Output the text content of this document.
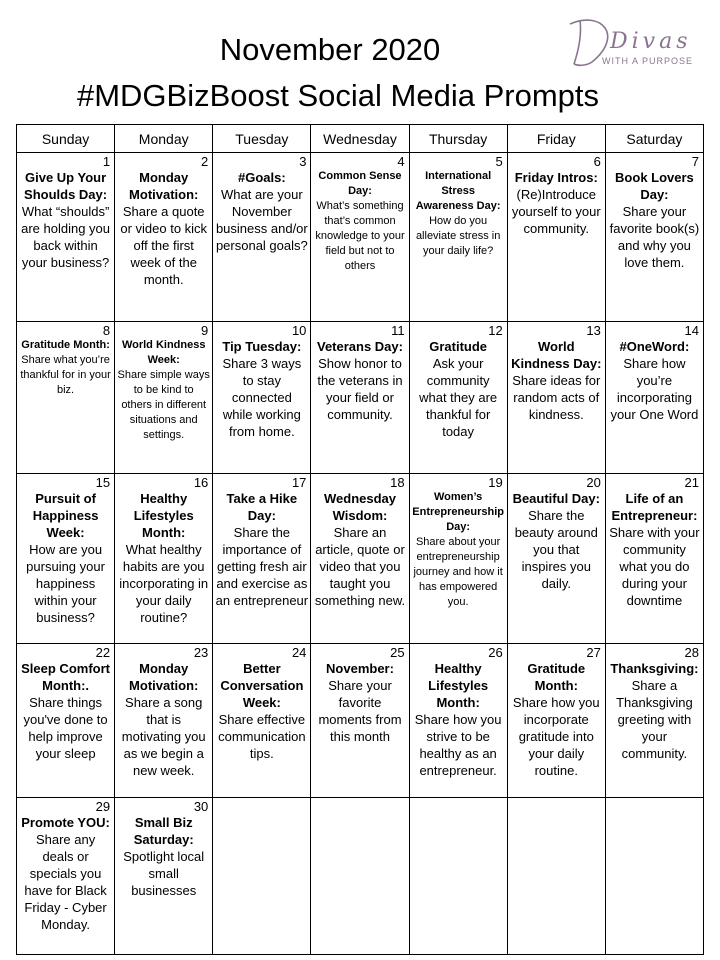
November 2020
#MDGBizBoost Social Media Prompts
Divas
WITH A PURPOSE
Sunday	Monday	Tuesday	Wednesday	Thursday	Friday	Saturday

1
Give Up Your Shoulds Day:
What “shoulds” are holding you back within your business?	2
Monday Motivation:
Share a quote or video to kick off the first week of the month.	3
#Goals:
What are your November business and/or personal goals?	4
Common Sense Day:
What’s something that’s common knowledge to your field but not to others	5
International Stress Awareness Day:
How do you alleviate stress in your daily life?	6
Friday Intros:
(Re)Introduce yourself to your community.	7
Book Lovers Day:
Share your favorite book(s) and why you love them.

8
Gratitude Month:
Share what you’re thankful for in your biz.	9
World Kindness Week:
Share simple ways to be kind to others in different situations and settings.	10
Tip Tuesday:
Share 3 ways to stay connected while working from home.	11
Veterans Day:
Show honor to the veterans in your field or community.	12
Gratitude
Ask your community what they are thankful for today	13
World Kindness Day:
Share ideas for random acts of kindness.	14
#OneWord:
Share how you’re incorporating your One Word

15
Pursuit of Happiness Week:
How are you pursuing your happiness within your business?	16
Healthy Lifestyles Month:
What healthy habits are you incorporating in your daily routine?	17
Take a Hike Day:
Share the importance of getting fresh air and exercise as an entrepreneur	18
Wednesday Wisdom:
Share an article, quote or video that you taught you something new.	19
Women’s Entrepreneurship Day:
Share about your entrepreneurship journey and how it has empowered you.	20
Beautiful Day:
Share the beauty around you that inspires you daily.	21
Life of an Entrepreneur:
Share with your community what you do during your downtime

22
Sleep Comfort Month:.
Share things you've done to help improve your sleep	23
Monday Motivation:
Share a song that is motivating you as we begin a new week.	24
Better Conversation Week:
Share effective communication tips.	25
November:
Share your favorite moments from this month	26
Healthy Lifestyles Month:
Share how you strive to be healthy as an entrepreneur.	27
Gratitude Month:
Share how you incorporate gratitude into your daily routine.	28
Thanksgiving:
Share a Thanksgiving greeting with your community.

29
Promote YOU:
Share any deals or specials you have for Black Friday - Cyber Monday.	30
Small Biz Saturday:
Spotlight local small businesses					
